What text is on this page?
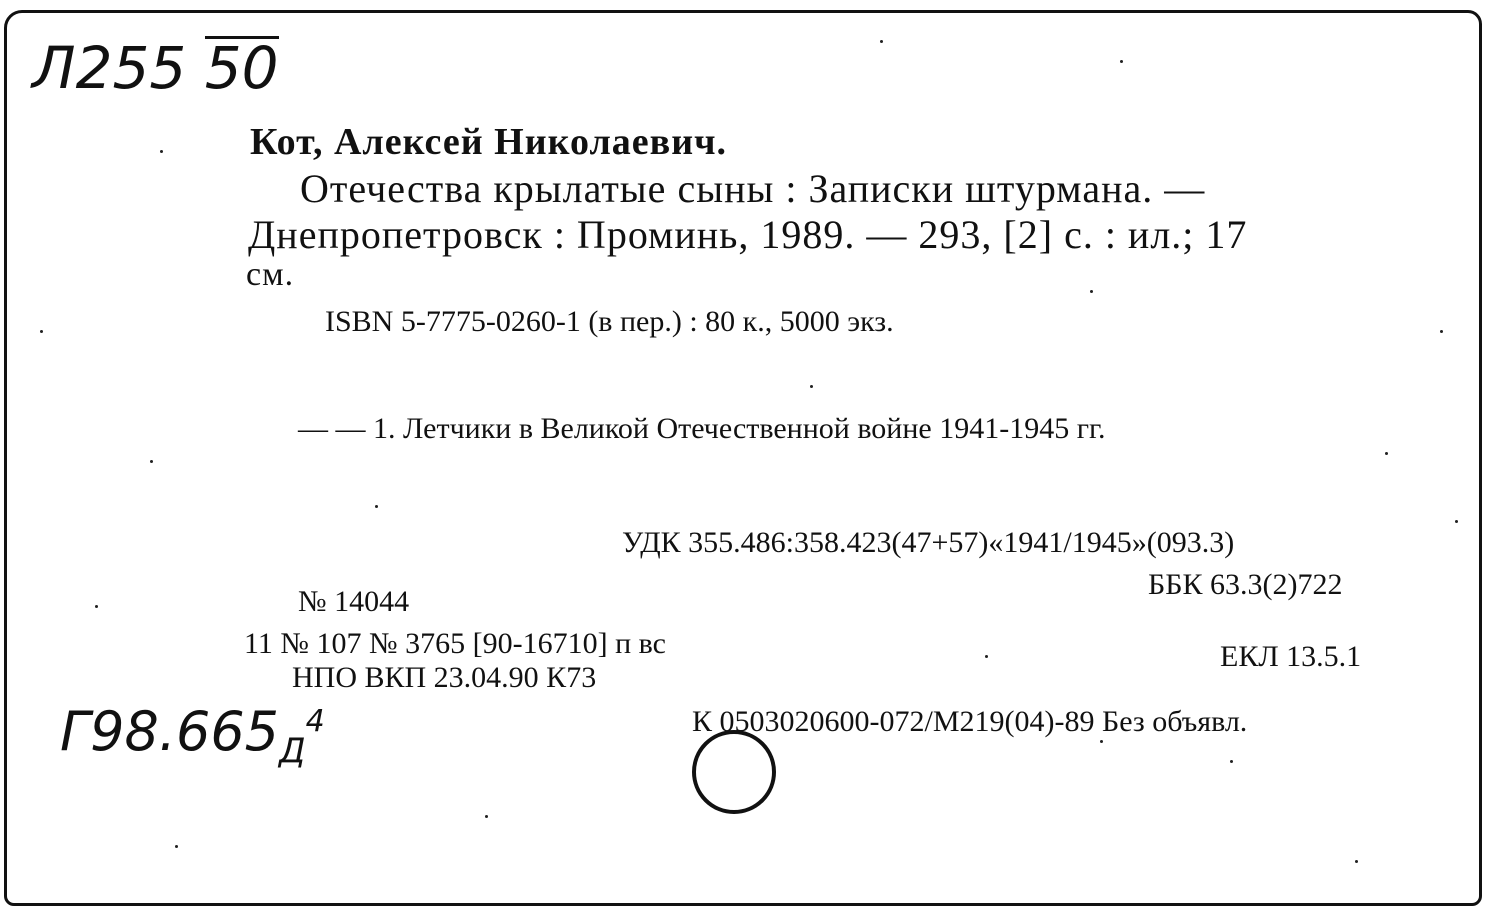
Л255 50
Кот, Алексей Николаевич.
Отечества крылатые сыны : Записки штурмана. —
Днепропетровск : Проминь, 1989. — 293, [2] с. : ил.; 17
см.
ISBN 5-7775-0260-1 (в пер.) : 80 к., 5000 экз.
— — 1. Летчики в Великой Отечественной войне 1941-1945 гг.
УДК 355.486:358.423(47+57)«1941/1945»(093.3)
ББК 63.3(2)722
№ 14044
11 № 107 № 3765 [90-16710] п вс	ЕКЛ 13.5.1
НПО ВКП 23.04.90 К73
К 0503020600-072/М219(04)-89 Без объявл.
$Г98.665_Д^4$
